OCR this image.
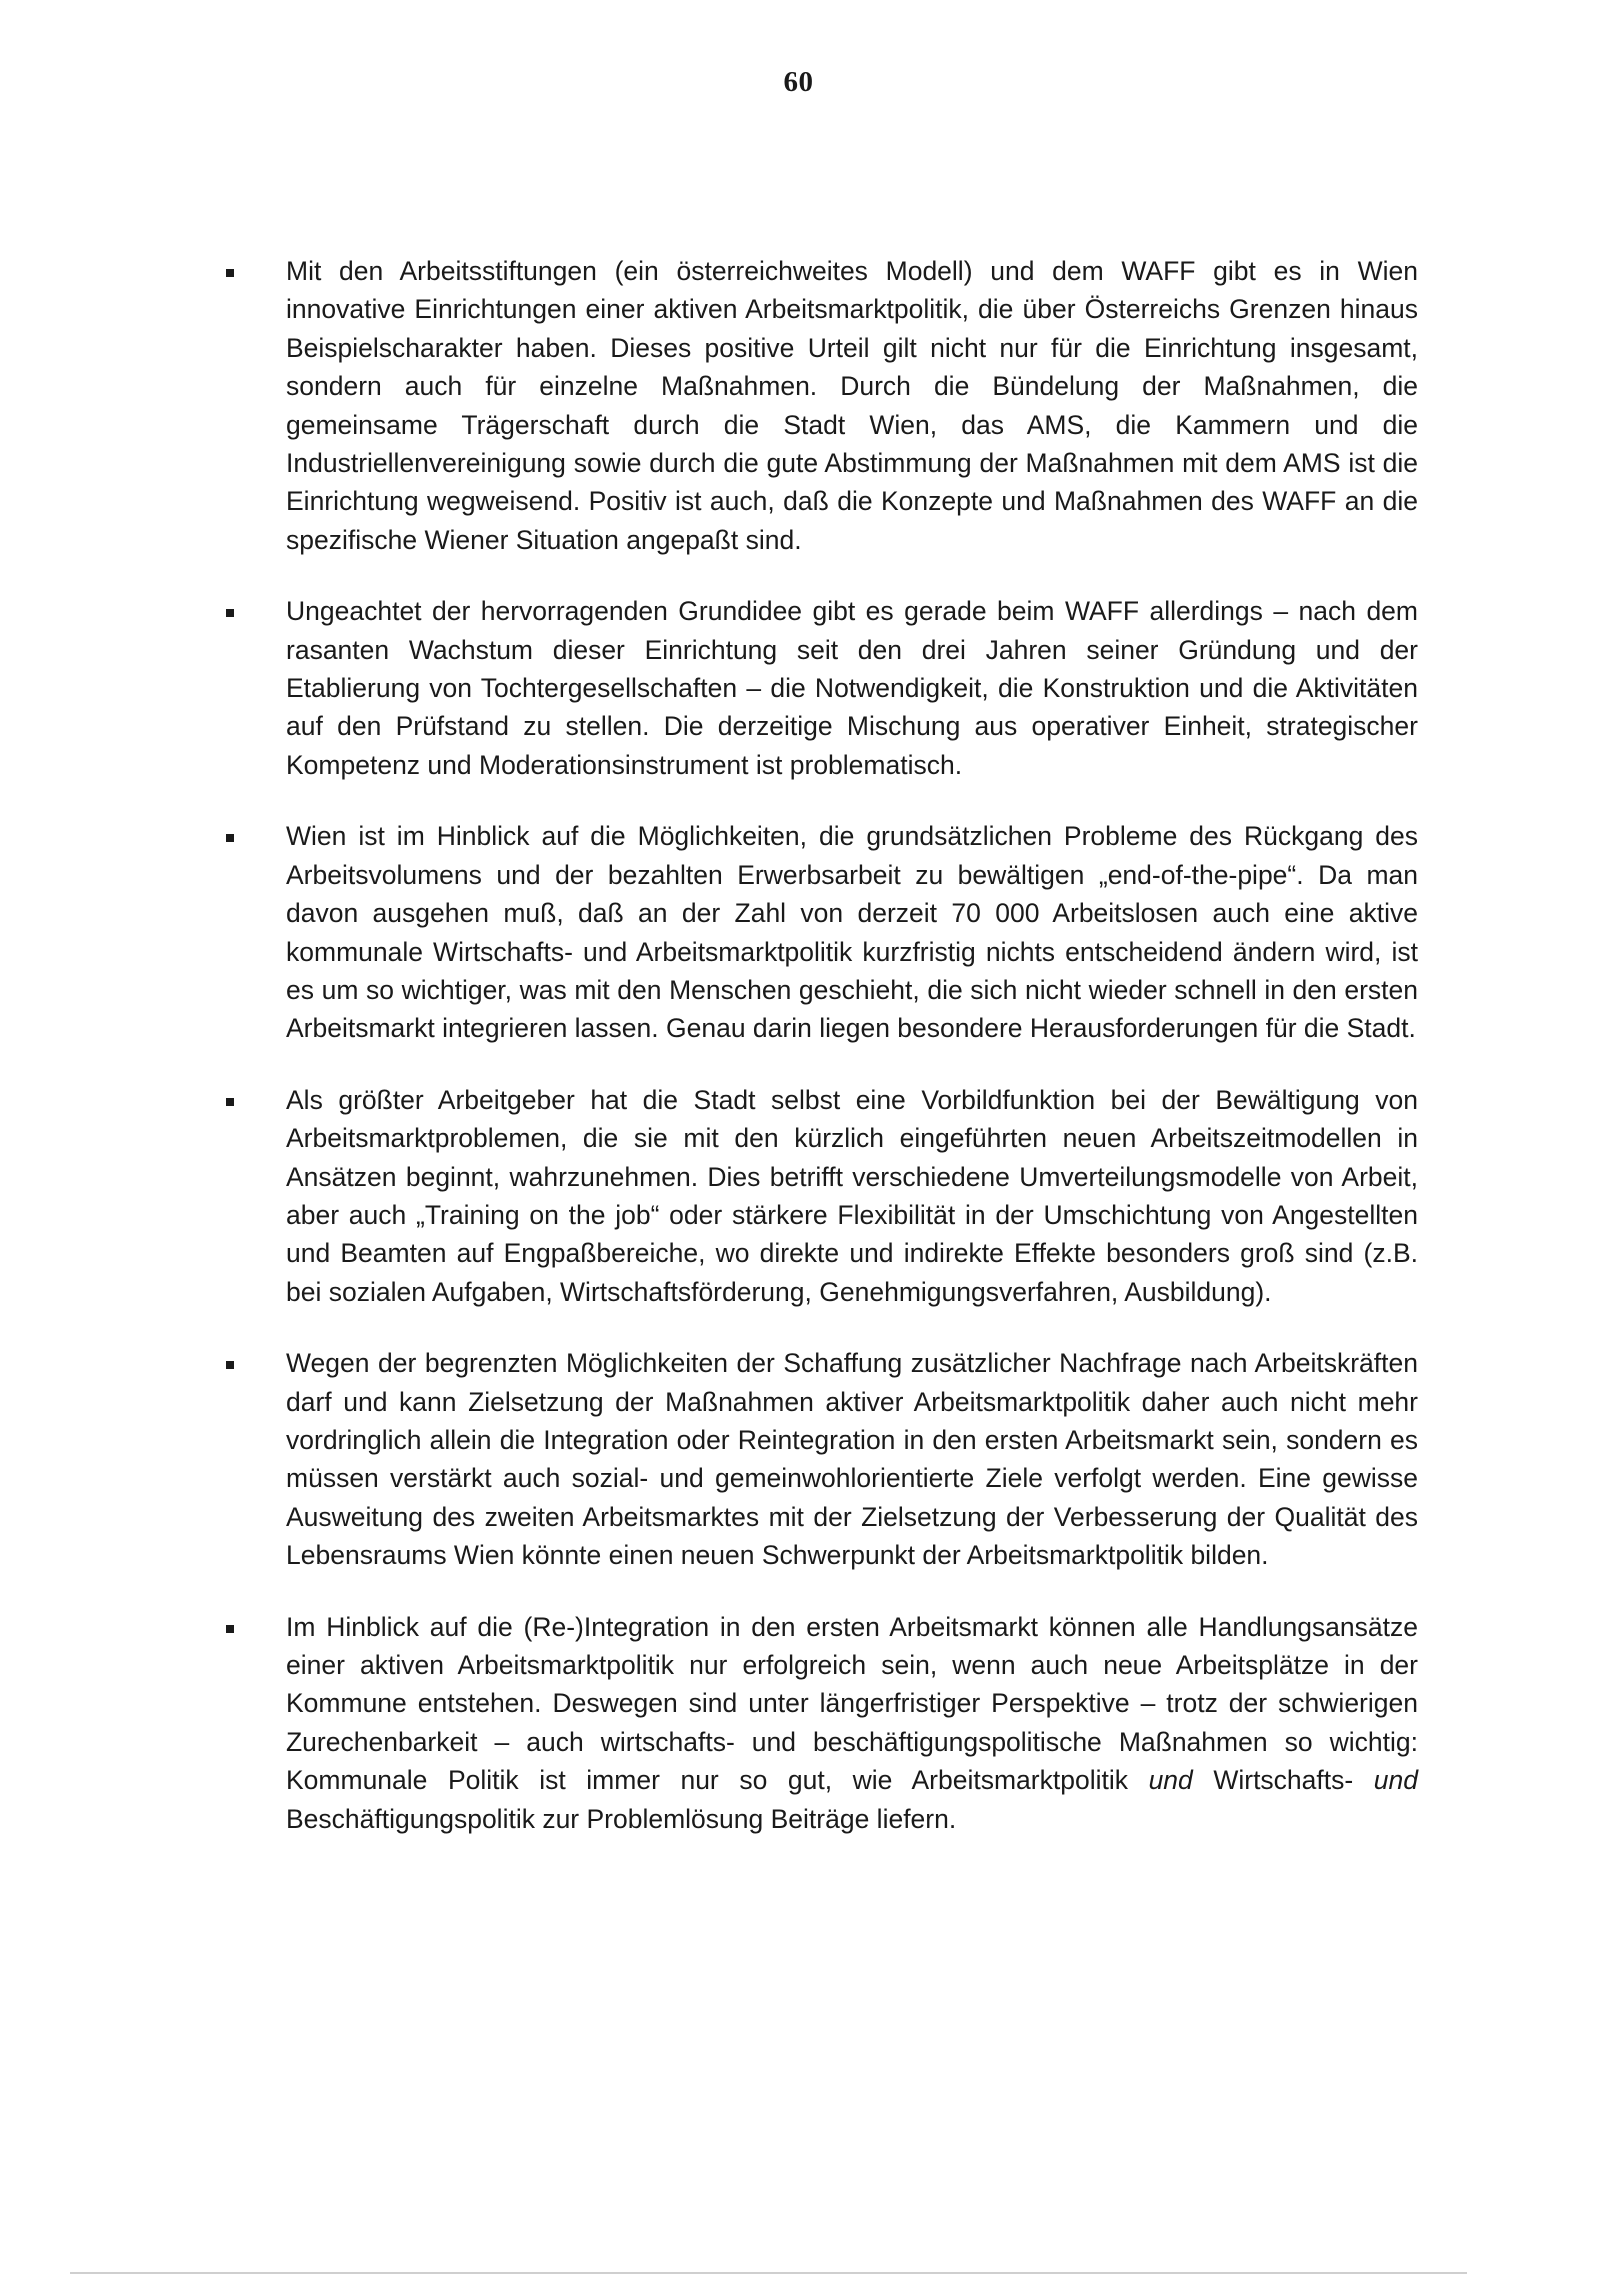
60
Mit den Arbeitsstiftungen (ein österreichweites Modell) und dem WAFF gibt es in Wien innovative Einrichtungen einer aktiven Arbeitsmarktpolitik, die über Österreichs Grenzen hinaus Beispielscharakter haben. Dieses positive Urteil gilt nicht nur für die Einrichtung insgesamt, sondern auch für einzelne Maßnahmen. Durch die Bündelung der Maßnahmen, die gemeinsame Trägerschaft durch die Stadt Wien, das AMS, die Kammern und die Industriellenvereinigung sowie durch die gute Abstimmung der Maßnahmen mit dem AMS ist die Einrichtung wegweisend. Positiv ist auch, daß die Konzepte und Maßnahmen des WAFF an die spezifische Wiener Situation angepaßt sind.
Ungeachtet der hervorragenden Grundidee gibt es gerade beim WAFF allerdings – nach dem rasanten Wachstum dieser Einrichtung seit den drei Jahren seiner Gründung und der Etablierung von Tochtergesellschaften – die Notwendigkeit, die Konstruktion und die Aktivitäten auf den Prüfstand zu stellen. Die derzeitige Mischung aus operativer Einheit, strategischer Kompetenz und Moderationsinstrument ist problematisch.
Wien ist im Hinblick auf die Möglichkeiten, die grundsätzlichen Probleme des Rückgang des Arbeitsvolumens und der bezahlten Erwerbsarbeit zu bewältigen „end-of-the-pipe“. Da man davon ausgehen muß, daß an der Zahl von derzeit 70 000 Arbeitslosen auch eine aktive kommunale Wirtschafts- und Arbeitsmarktpolitik kurzfristig nichts entscheidend ändern wird, ist es um so wichtiger, was mit den Menschen geschieht, die sich nicht wieder schnell in den ersten Arbeitsmarkt integrieren lassen. Genau darin liegen besondere Herausforderungen für die Stadt.
Als größter Arbeitgeber hat die Stadt selbst eine Vorbildfunktion bei der Bewältigung von Arbeitsmarktproblemen, die sie mit den kürzlich eingeführten neuen Arbeitszeitmodellen in Ansätzen beginnt, wahrzunehmen. Dies betrifft verschiedene Umverteilungsmodelle von Arbeit, aber auch „Training on the job“ oder stärkere Flexibilität in der Umschichtung von Angestellten und Beamten auf Engpaßbereiche, wo direkte und indirekte Effekte besonders groß sind (z.B. bei sozialen Aufgaben, Wirtschaftsförderung, Genehmigungsverfahren, Ausbildung).
Wegen der begrenzten Möglichkeiten der Schaffung zusätzlicher Nachfrage nach Arbeitskräften darf und kann Zielsetzung der Maßnahmen aktiver Arbeitsmarktpolitik daher auch nicht mehr vordringlich allein die Integration oder Reintegration in den ersten Arbeitsmarkt sein, sondern es müssen verstärkt auch sozial- und gemeinwohlorientierte Ziele verfolgt werden. Eine gewisse Ausweitung des zweiten Arbeitsmarktes mit der Zielsetzung der Verbesserung der Qualität des Lebensraums Wien könnte einen neuen Schwerpunkt der Arbeitsmarktpolitik bilden.
Im Hinblick auf die (Re-)Integration in den ersten Arbeitsmarkt können alle Handlungsansätze einer aktiven Arbeitsmarktpolitik nur erfolgreich sein, wenn auch neue Arbeitsplätze in der Kommune entstehen. Deswegen sind unter längerfristiger Perspektive – trotz der schwierigen Zurechenbarkeit – auch wirtschafts- und beschäftigungspolitische Maßnahmen so wichtig: Kommunale Politik ist immer nur so gut, wie Arbeitsmarktpolitik und Wirtschafts- und Beschäftigungspolitik zur Problemlösung Beiträge liefern.
